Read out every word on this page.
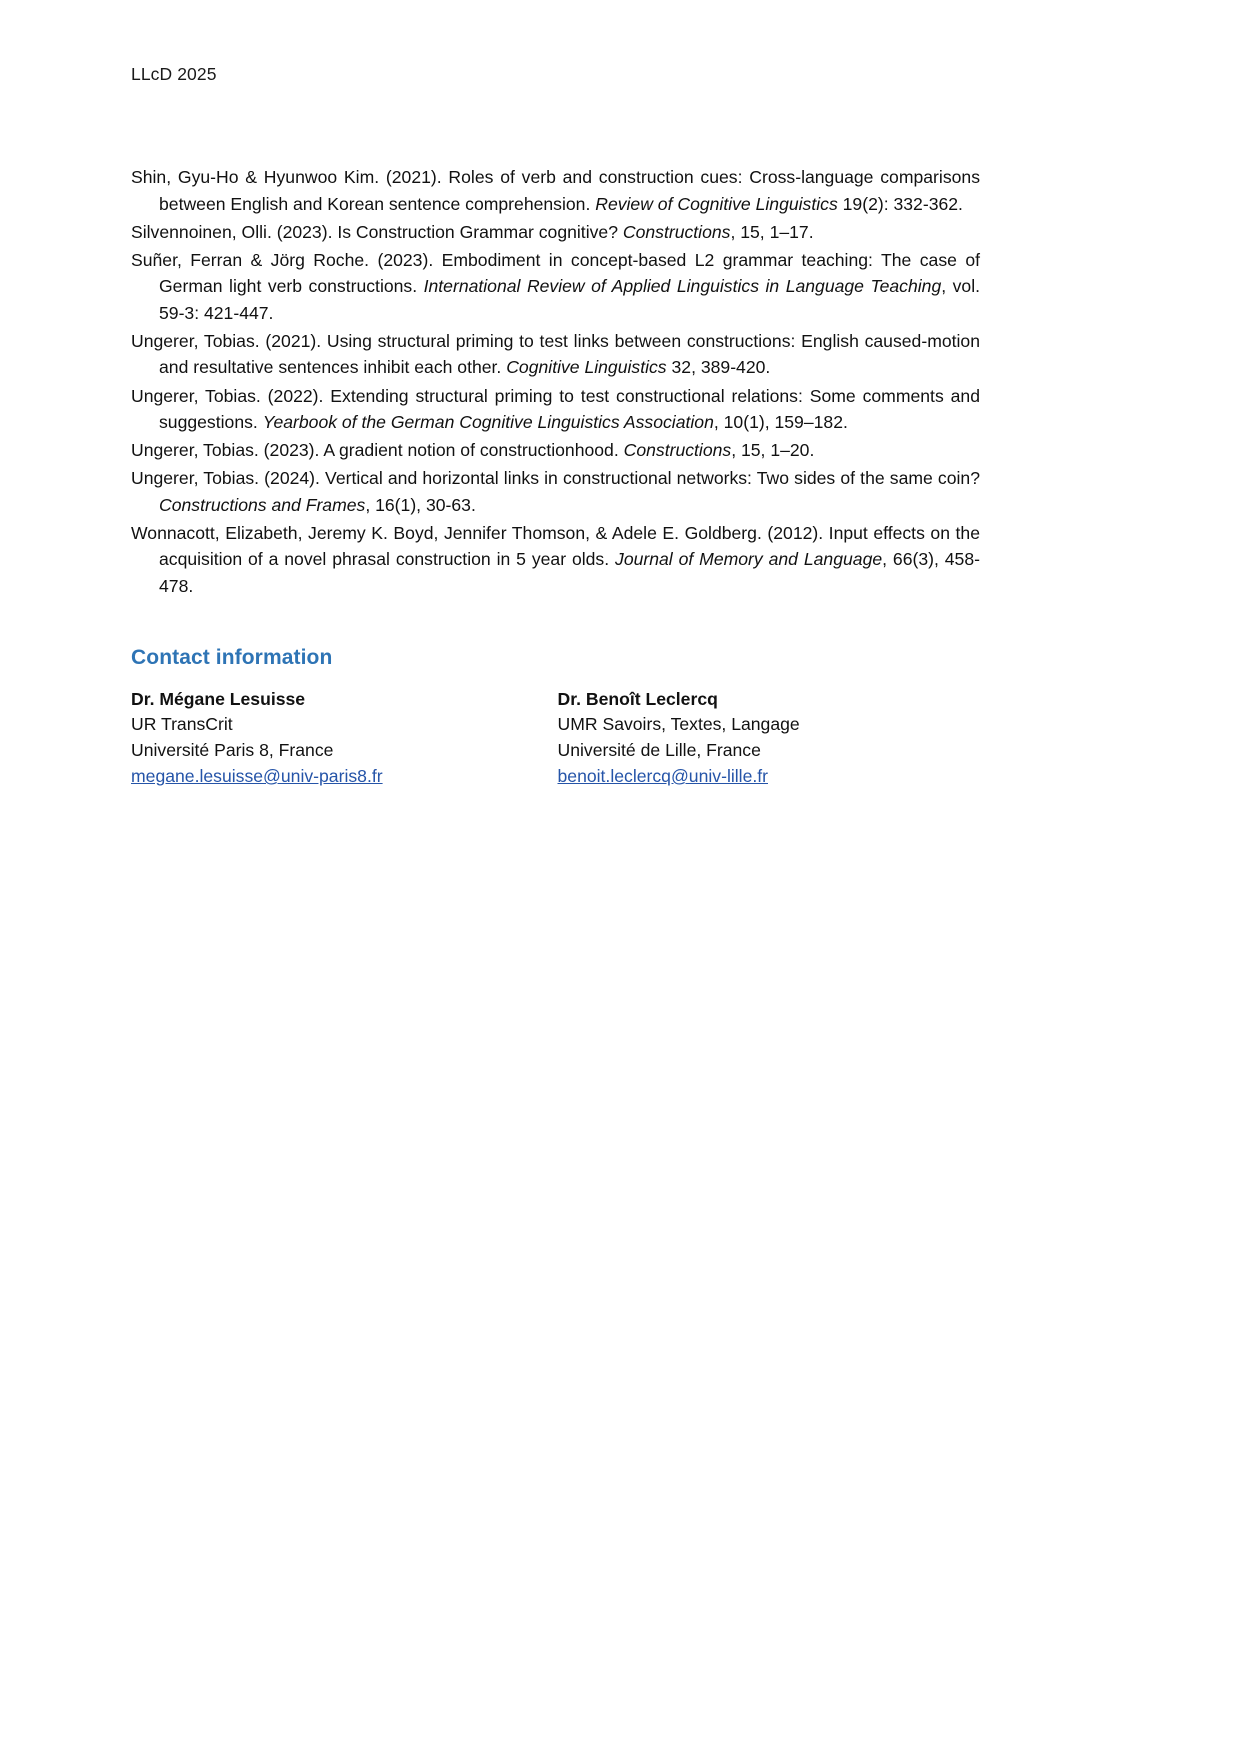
LLcD 2025
Shin, Gyu-Ho & Hyunwoo Kim. (2021). Roles of verb and construction cues: Cross-language comparisons between English and Korean sentence comprehension. Review of Cognitive Linguistics 19(2): 332-362.
Silvennoinen, Olli. (2023). Is Construction Grammar cognitive? Constructions, 15, 1–17.
Suñer, Ferran & Jörg Roche. (2023). Embodiment in concept-based L2 grammar teaching: The case of German light verb constructions. International Review of Applied Linguistics in Language Teaching, vol. 59-3: 421-447.
Ungerer, Tobias. (2021). Using structural priming to test links between constructions: English caused-motion and resultative sentences inhibit each other. Cognitive Linguistics 32, 389-420.
Ungerer, Tobias. (2022). Extending structural priming to test constructional relations: Some comments and suggestions. Yearbook of the German Cognitive Linguistics Association, 10(1), 159–182.
Ungerer, Tobias. (2023). A gradient notion of constructionhood. Constructions, 15, 1–20.
Ungerer, Tobias. (2024). Vertical and horizontal links in constructional networks: Two sides of the same coin? Constructions and Frames, 16(1), 30-63.
Wonnacott, Elizabeth, Jeremy K. Boyd, Jennifer Thomson, & Adele E. Goldberg. (2012). Input effects on the acquisition of a novel phrasal construction in 5 year olds. Journal of Memory and Language, 66(3), 458-478.
Contact information
Dr. Mégane Lesuisse
UR TransCrit
Université Paris 8, France
megane.lesuisse@univ-paris8.fr
Dr. Benoît Leclercq
UMR Savoirs, Textes, Langage
Université de Lille, France
benoit.leclercq@univ-lille.fr
